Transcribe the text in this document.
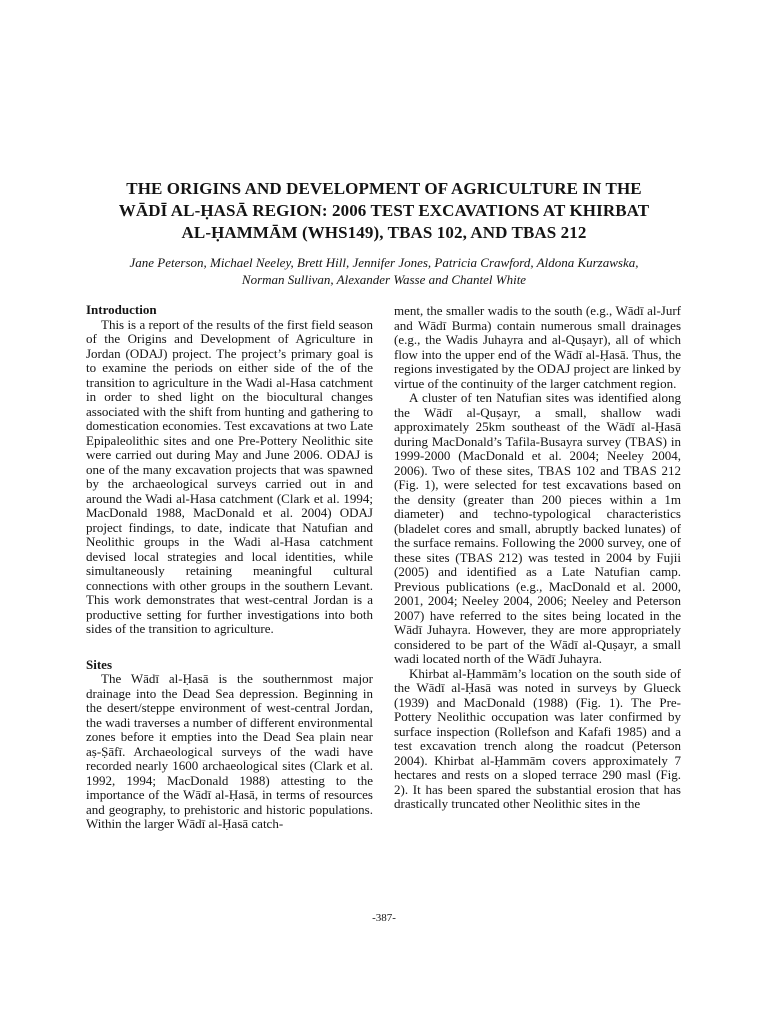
THE ORIGINS AND DEVELOPMENT OF AGRICULTURE IN THE
WĀDĪ AL-ḤASĀ REGION: 2006 TEST EXCAVATIONS AT KHIRBAT
AL-ḤAMMĀM (WHS149), TBAS 102, AND TBAS 212
Jane Peterson, Michael Neeley, Brett Hill, Jennifer Jones, Patricia Crawford, Aldona Kurzawska,
Norman Sullivan, Alexander Wasse and Chantel White

Introduction

This is a report of the results of the first field season of the Origins and Development of Agriculture in Jordan (ODAJ) project. The project’s primary goal is to examine the periods on either side of the of the transition to agriculture in the Wadi al-Hasa catchment in order to shed light on the biocultural changes associated with the shift from hunting and gathering to domestication economies. Test excavations at two Late Epipaleolithic sites and one Pre-Pottery Neolithic site were carried out during May and June 2006. ODAJ is one of the many excavation projects that was spawned by the archaeological surveys carried out in and around the Wadi al-Hasa catchment (Clark et al. 1994; MacDonald 1988, MacDonald et al. 2004) ODAJ project findings, to date, indicate that Natufian and Neolithic groups in the Wadi al-Hasa catchment devised local strategies and local identities, while simultaneously retaining meaningful cultural connections with other groups in the southern Levant. This work demonstrates that west-central Jordan is a productive setting for further investigations into both sides of the transition to agriculture.

Sites

The Wādī al-Ḥasā is the southernmost major drainage into the Dead Sea depression. Beginning in the desert/steppe environment of west-central Jordan, the wadi traverses a number of different environmental zones before it empties into the Dead Sea plain near aṣ-Ṣāfī. Archaeological surveys of the wadi have recorded nearly 1600 archaeological sites (Clark et al. 1992, 1994; MacDonald 1988) attesting to the importance of the Wādī al-Ḥasā, in terms of resources and geography, to prehistoric and historic populations. Within the larger Wādī al-Ḥasā catch-

ment, the smaller wadis to the south (e.g., Wādī al-Jurf and Wādī Burma) contain numerous small drainages (e.g., the Wadis Juhayra and al-Quṣayr), all of which flow into the upper end of the Wādī al-Ḥasā. Thus, the regions investigated by the ODAJ project are linked by virtue of the continuity of the larger catchment region.

A cluster of ten Natufian sites was identified along the Wādī al-Quṣayr, a small, shallow wadi approximately 25km southeast of the Wādī al-Ḥasā during MacDonald’s Tafila-Busayra survey (TBAS) in 1999-2000 (MacDonald et al. 2004; Neeley 2004, 2006). Two of these sites, TBAS 102 and TBAS 212 (Fig. 1), were selected for test excavations based on the density (greater than 200 pieces within a 1m diameter) and techno-typological characteristics (bladelet cores and small, abruptly backed lunates) of the surface remains. Following the 2000 survey, one of these sites (TBAS 212) was tested in 2004 by Fujii (2005) and identified as a Late Natufian camp. Previous publications (e.g., MacDonald et al. 2000, 2001, 2004; Neeley 2004, 2006; Neeley and Peterson 2007) have referred to the sites being located in the Wādī Juhayra. However, they are more appropriately considered to be part of the Wādī al-Quṣayr, a small wadi located north of the Wādī Juhayra.

Khirbat al-Ḥammām’s location on the south side of the Wādī al-Ḥasā was noted in surveys by Glueck (1939) and MacDonald (1988) (Fig. 1). The Pre-Pottery Neolithic occupation was later confirmed by surface inspection (Rollefson and Kafafi 1985) and a test excavation trench along the roadcut (Peterson 2004). Khirbat al-Ḥammām covers approximately 7 hectares and rests on a sloped terrace 290 masl (Fig. 2). It has been spared the substantial erosion that has drastically truncated other Neolithic sites in the

-387-
